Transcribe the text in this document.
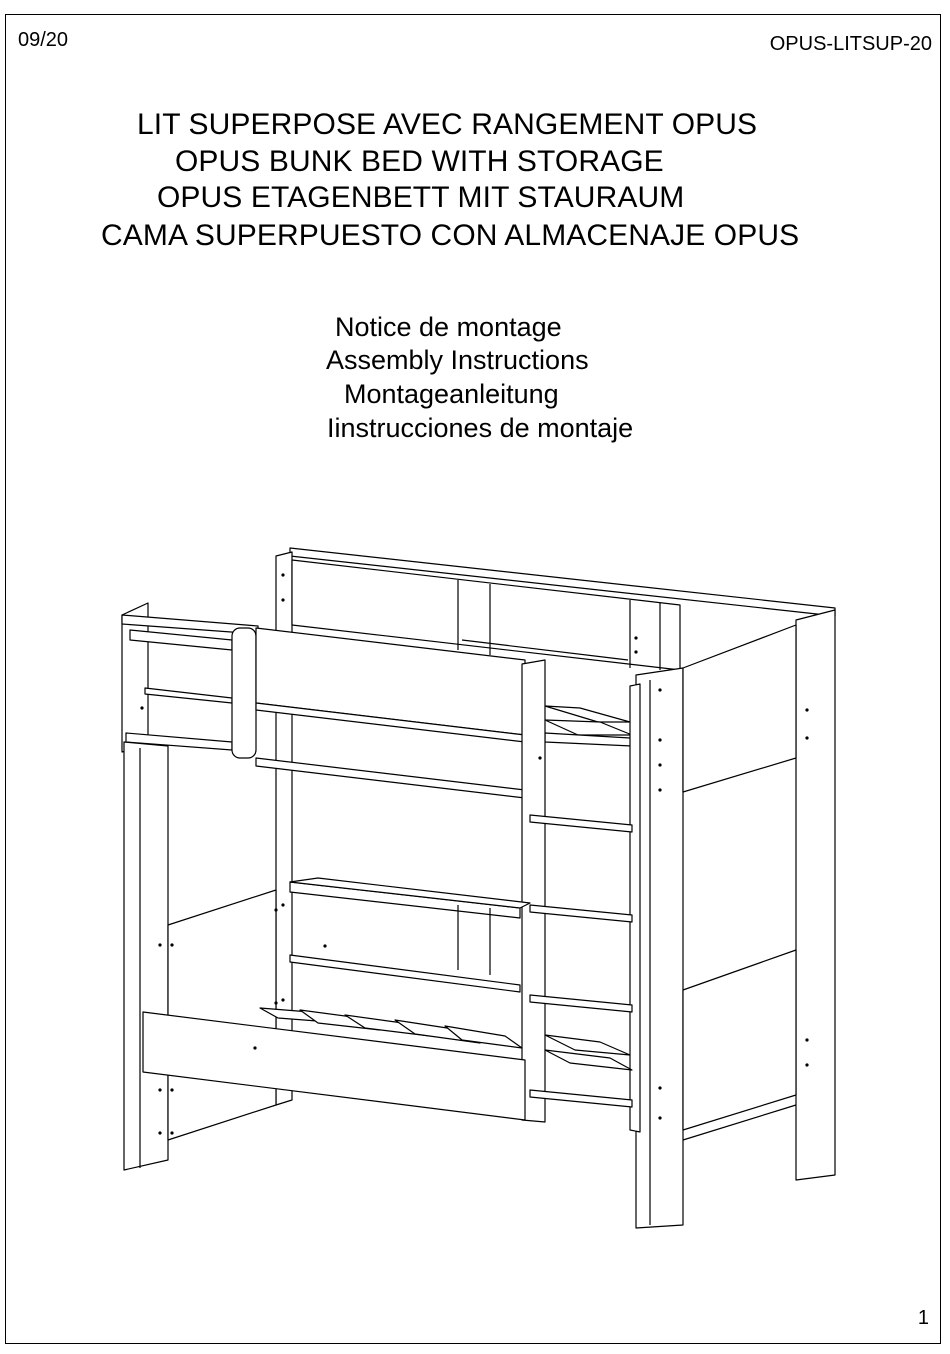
09/20	OPUS-LITSUP-20
LIT SUPERPOSE AVEC RANGEMENT OPUS
OPUS BUNK BED WITH STORAGE
OPUS ETAGENBETT MIT STAURAUM
CAMA SUPERPUESTO CON ALMACENAJE OPUS
Notice de montage
Assembly Instructions
Montageanleitung
Iinstrucciones de montaje
1
